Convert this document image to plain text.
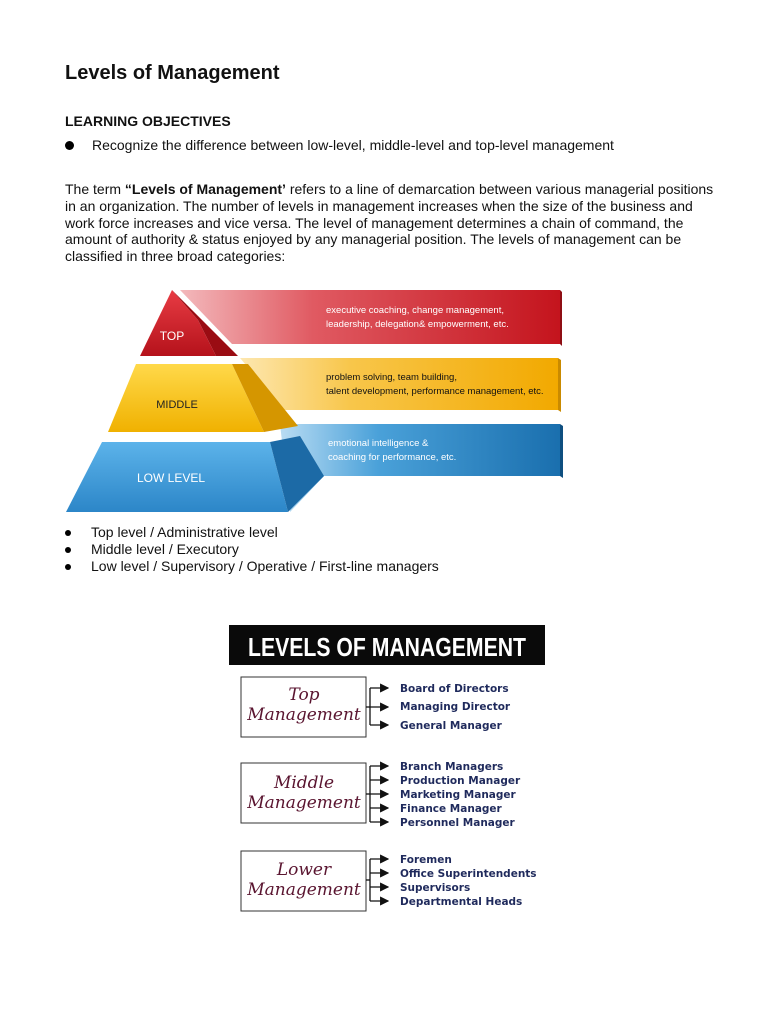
Levels of Management
LEARNING OBJECTIVES
Recognize the difference between low-level, middle-level and top-level management
The term “Levels of Management’ refers to a line of demarcation between various managerial positions in an organization. The number of levels in management increases when the size of the business and work force increases and vice versa. The level of management determines a chain of command, the amount of authority & status enjoyed by any managerial position. The levels of management can be classified in three broad categories:
TOP
MIDDLE
LOW LEVEL
executive coaching, change management,
leadership, delegation& empowerment, etc.
problem solving, team building,
talent development, performance management, etc.
emotional intelligence &
coaching for performance, etc.
Top level / Administrative level
Middle level / Executory
Low level / Supervisory / Operative / First-line managers
LEVELS OF MANAGEMENT
Top
Management
Board of Directors
Managing Director
General Manager
Middle
Management
Branch Managers
Production Manager
Marketing Manager
Finance Manager
Personnel Manager
Lower
Management
Foremen
Office Superintendents
Supervisors
Departmental Heads
